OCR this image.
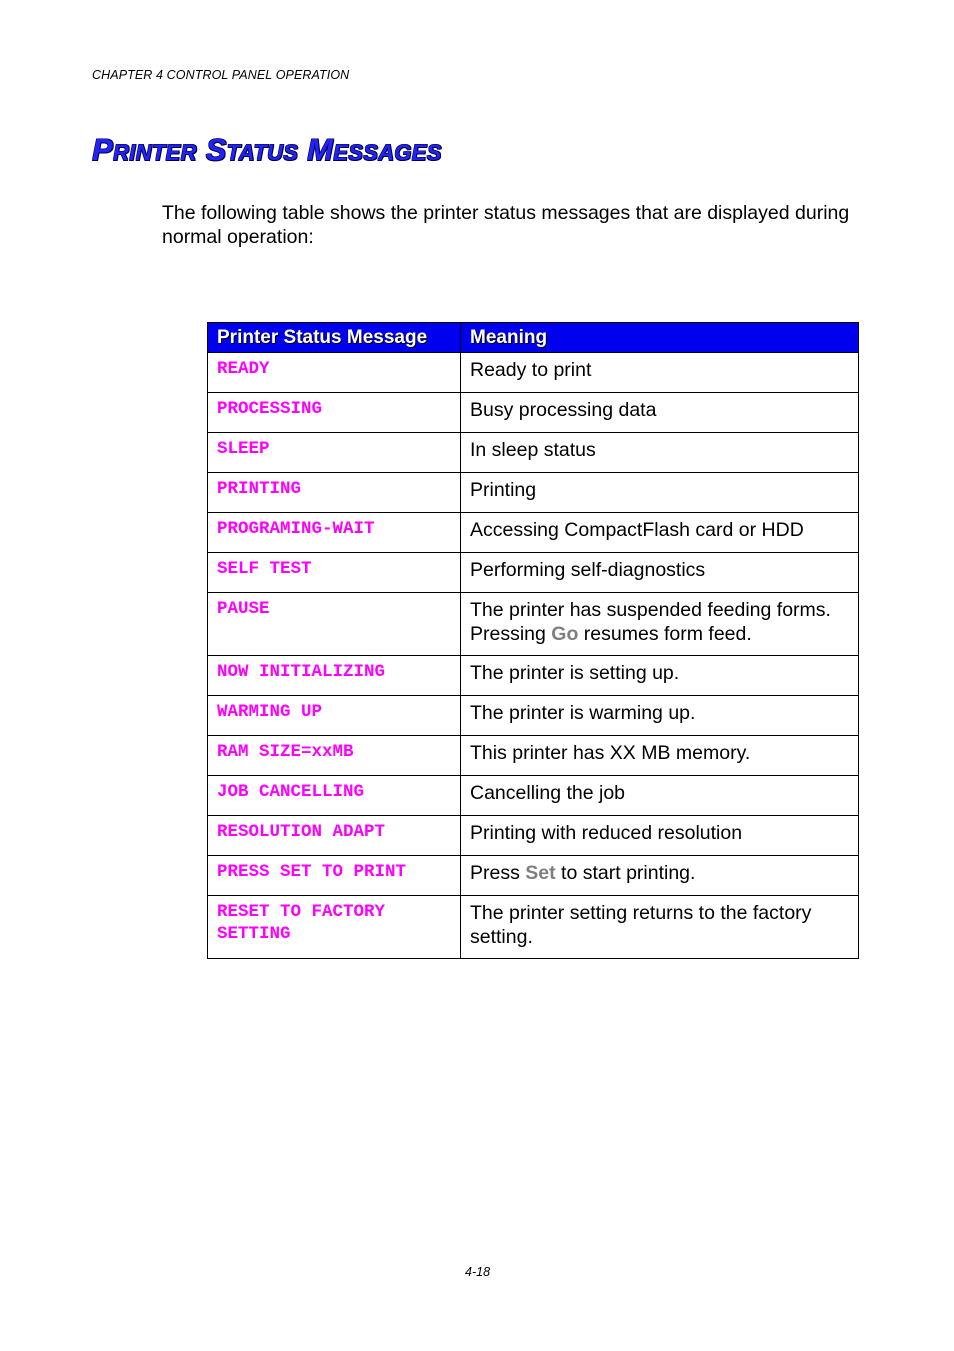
CHAPTER 4 CONTROL PANEL OPERATION
Printer Status Messages

The following table shows the printer status messages that are displayed during normal operation:

Printer Status Message	Meaning
READY	Ready to print
PROCESSING	Busy processing data
SLEEP	In sleep status
PRINTING	Printing
PROGRAMING-WAIT	Accessing CompactFlash card or HDD
SELF TEST	Performing self-diagnostics
PAUSE	The printer has suspended feeding forms. Pressing Go resumes form feed.
NOW INITIALIZING	The printer is setting up.
WARMING UP	The printer is warming up.
RAM SIZE=xxMB	This printer has XX MB memory.
JOB CANCELLING	Cancelling the job
RESOLUTION ADAPT	Printing with reduced resolution
PRESS SET TO PRINT	Press Set to start printing.
RESET TO FACTORY SETTING	The printer setting returns to the factory setting.
4-18
